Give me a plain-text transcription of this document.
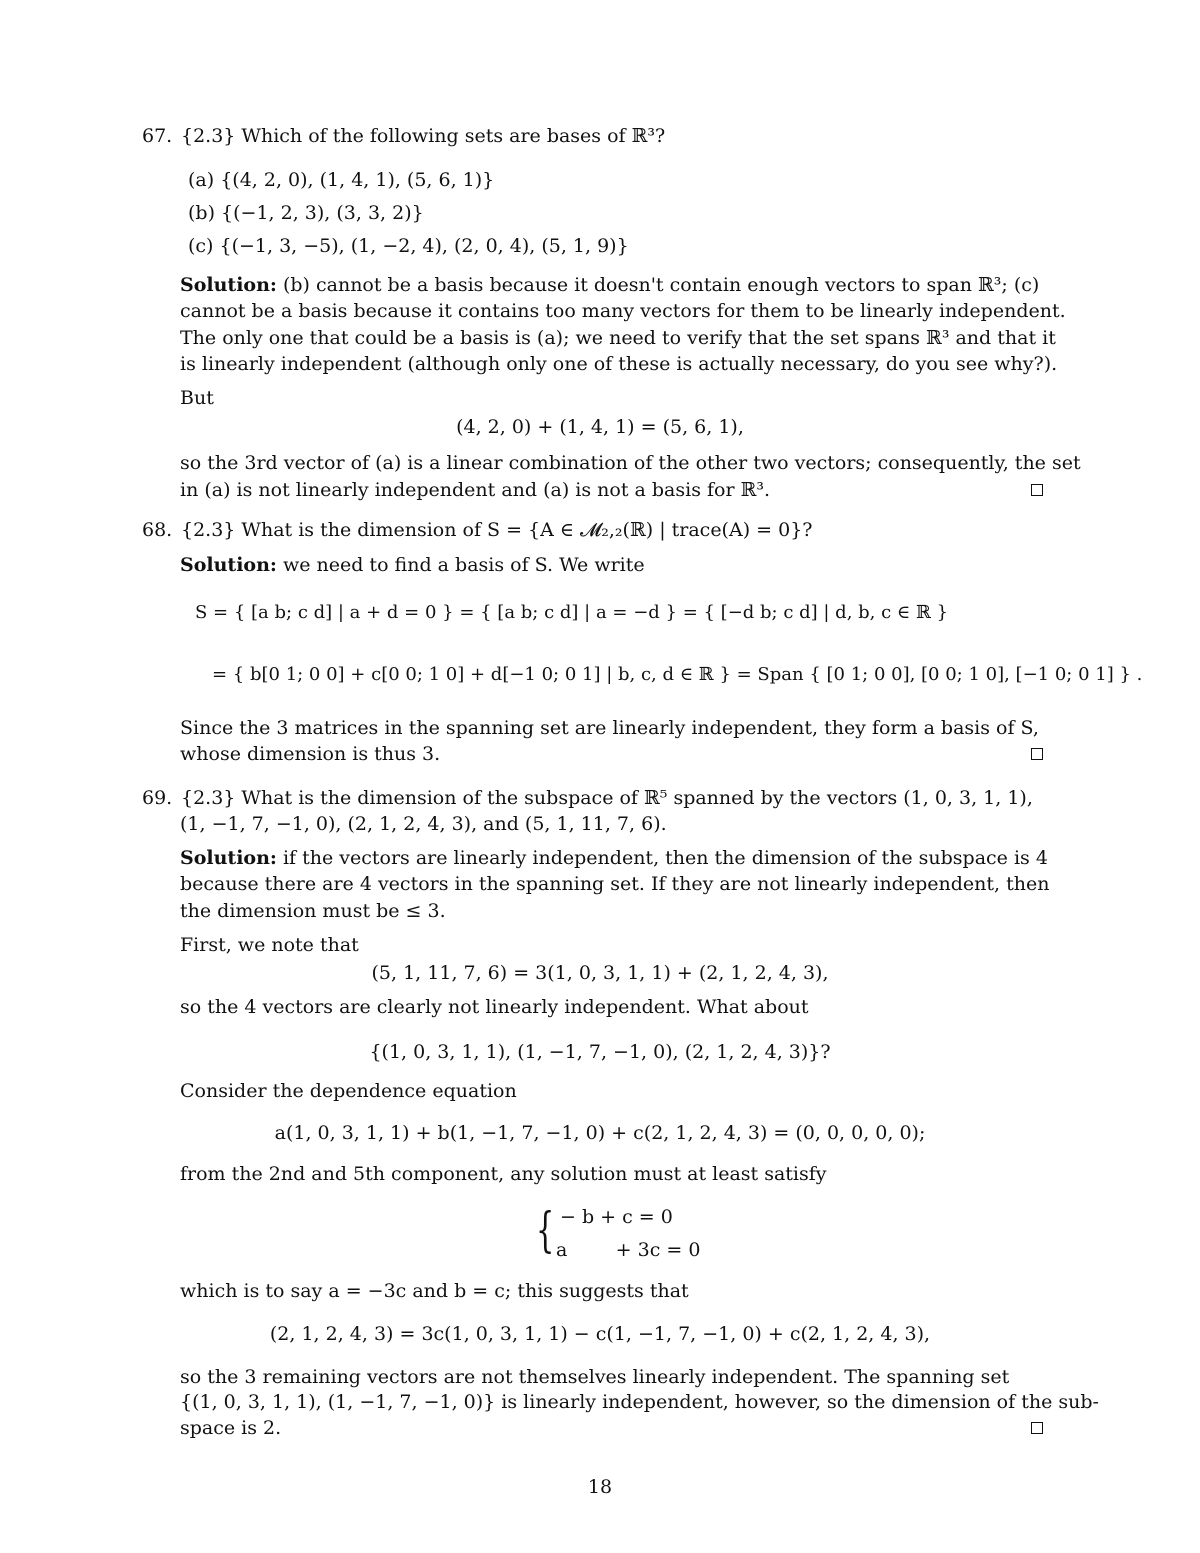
67. {2.3} Which of the following sets are bases of ℝ³?
(a) {(4, 2, 0), (1, 4, 1), (5, 6, 1)}
(b) {(−1, 2, 3), (3, 3, 2)}
(c) {(−1, 3, −5), (1, −2, 4), (2, 0, 4), (5, 1, 9)}
Solution: (b) cannot be a basis because it doesn't contain enough vectors to span ℝ³; (c)
cannot be a basis because it contains too many vectors for them to be linearly independent.
The only one that could be a basis is (a); we need to verify that the set spans ℝ³ and that it
is linearly independent (although only one of these is actually necessary, do you see why?).
But
(4, 2, 0) + (1, 4, 1) = (5, 6, 1),
so the 3rd vector of (a) is a linear combination of the other two vectors; consequently, the set
in (a) is not linearly independent and (a) is not a basis for ℝ³.
68. {2.3} What is the dimension of S = {A ∈ 𝓜₂,₂(ℝ) | trace(A) = 0}?
Solution: we need to find a basis of S. We write
S = { [a b; c d] | a + d = 0 } = { [a b; c d] | a = −d } = { [−d b; c d] | d, b, c ∈ ℝ }
= { b[0 1; 0 0] + c[0 0; 1 0] + d[−1 0; 0 1] | b, c, d ∈ ℝ } = Span { [0 1; 0 0], [0 0; 1 0], [−1 0; 0 1] } .
Since the 3 matrices in the spanning set are linearly independent, they form a basis of S,
whose dimension is thus 3.
69. {2.3} What is the dimension of the subspace of ℝ⁵ spanned by the vectors (1, 0, 3, 1, 1),
(1, −1, 7, −1, 0), (2, 1, 2, 4, 3), and (5, 1, 11, 7, 6).
Solution: if the vectors are linearly independent, then the dimension of the subspace is 4
because there are 4 vectors in the spanning set. If they are not linearly independent, then
the dimension must be ≤ 3.
First, we note that
(5, 1, 11, 7, 6) = 3(1, 0, 3, 1, 1) + (2, 1, 2, 4, 3),
so the 4 vectors are clearly not linearly independent. What about
{(1, 0, 3, 1, 1), (1, −1, 7, −1, 0), (2, 1, 2, 4, 3)}?
Consider the dependence equation
a(1, 0, 3, 1, 1) + b(1, −1, 7, −1, 0) + c(2, 1, 2, 4, 3) = (0, 0, 0, 0, 0);
from the 2nd and 5th component, any solution must at least satisfy
{ − b + c = 0
a        + 3c = 0
which is to say a = −3c and b = c; this suggests that
(2, 1, 2, 4, 3) = 3c(1, 0, 3, 1, 1) − c(1, −1, 7, −1, 0) + c(2, 1, 2, 4, 3),
so the 3 remaining vectors are not themselves linearly independent. The spanning set
{(1, 0, 3, 1, 1), (1, −1, 7, −1, 0)} is linearly independent, however, so the dimension of the sub-
space is 2.
18
